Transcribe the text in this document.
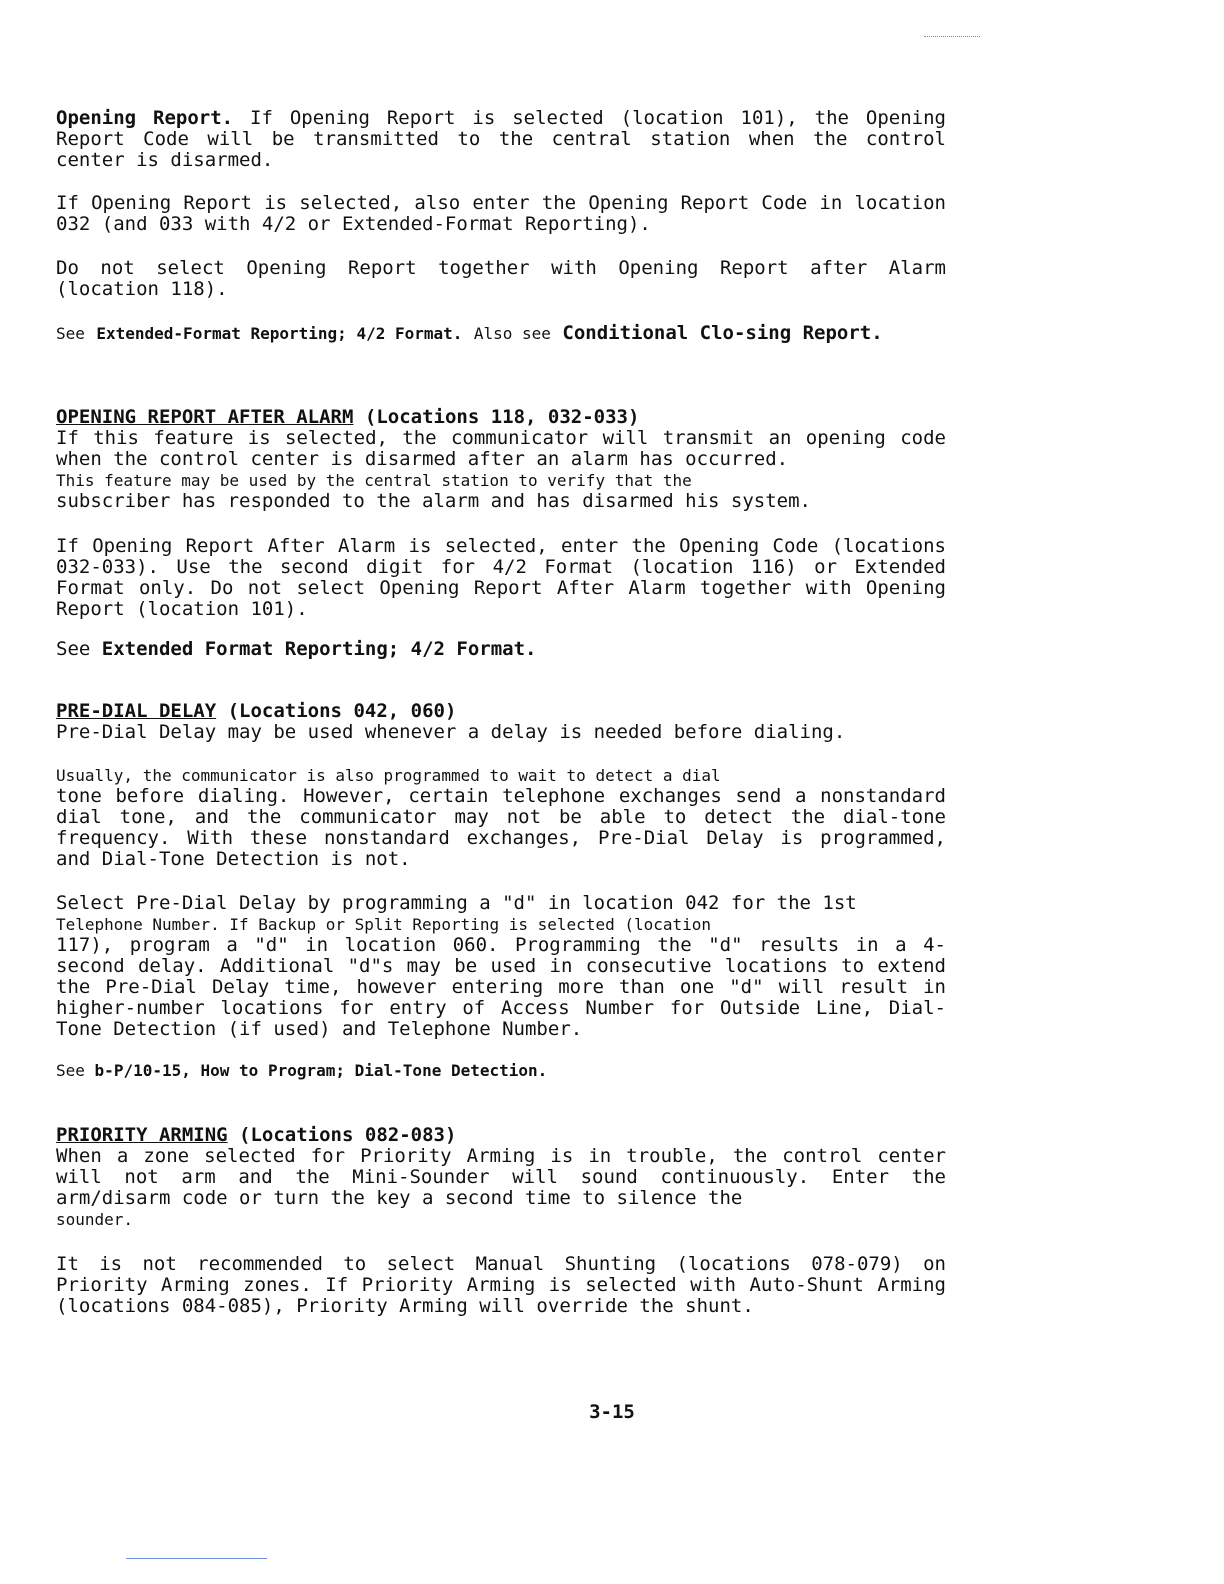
Opening Report. If Opening Report is selected (location 101), the Opening Report Code will be transmitted to the central station when the control center is disarmed.

If Opening Report is selected, also enter the Opening Report Code in location 032 (and 033 with 4/2 or Extended-Format Reporting).

Do not select Opening Report together with Opening Report after Alarm (location 118).

See Extended-Format Reporting; 4/2 Format. Also see Conditional Clo-sing Report.

OPENING REPORT AFTER ALARM (Locations 118, 032-033)

If this feature is selected, the communicator will transmit an opening code when the control center is disarmed after an alarm has occurred.

This feature may be used by the central station to verify that the

subscriber has responded to the alarm and has disarmed his system.

If Opening Report After Alarm is selected, enter the Opening Code (locations 032-033). Use the second digit for 4/2 Format (location 116) or Extended Format only. Do not select Opening Report After Alarm together with Opening Report (location 101).

See Extended Format Reporting; 4/2 Format.

PRE-DIAL DELAY (Locations 042, 060)

Pre-Dial Delay may be used whenever a delay is needed before dialing.

Usually, the communicator is also programmed to wait to detect a dial

tone before dialing. However, certain telephone exchanges send a nonstandard dial tone, and the communicator may not be able to detect the dial-tone frequency. With these nonstandard exchanges, Pre-Dial Delay is programmed, and Dial-Tone Detection is not.

Select Pre-Dial Delay by programming a "d" in location 042 for the 1st

Telephone Number. If Backup or Split Reporting is selected (location

117), program a "d" in location 060. Programming the "d" results in a 4-second delay. Additional "d"s may be used in consecutive locations to extend the Pre-Dial Delay time, however entering more than one "d" will result in higher-number locations for entry of Access Number for Outside Line, Dial-Tone Detection (if used) and Telephone Number.

See b-P/10-15, How to Program; Dial-Tone Detection.

PRIORITY ARMING (Locations 082-083)

When a zone selected for Priority Arming is in trouble, the control center will not arm and the Mini-Sounder will sound continuously. Enter the arm/disarm code or turn the key a second time to silence the

sounder.

It is not recommended to select Manual Shunting (locations 078-079) on Priority Arming zones. If Priority Arming is selected with Auto-Shunt Arming (locations 084-085), Priority Arming will override the shunt.

3-15
